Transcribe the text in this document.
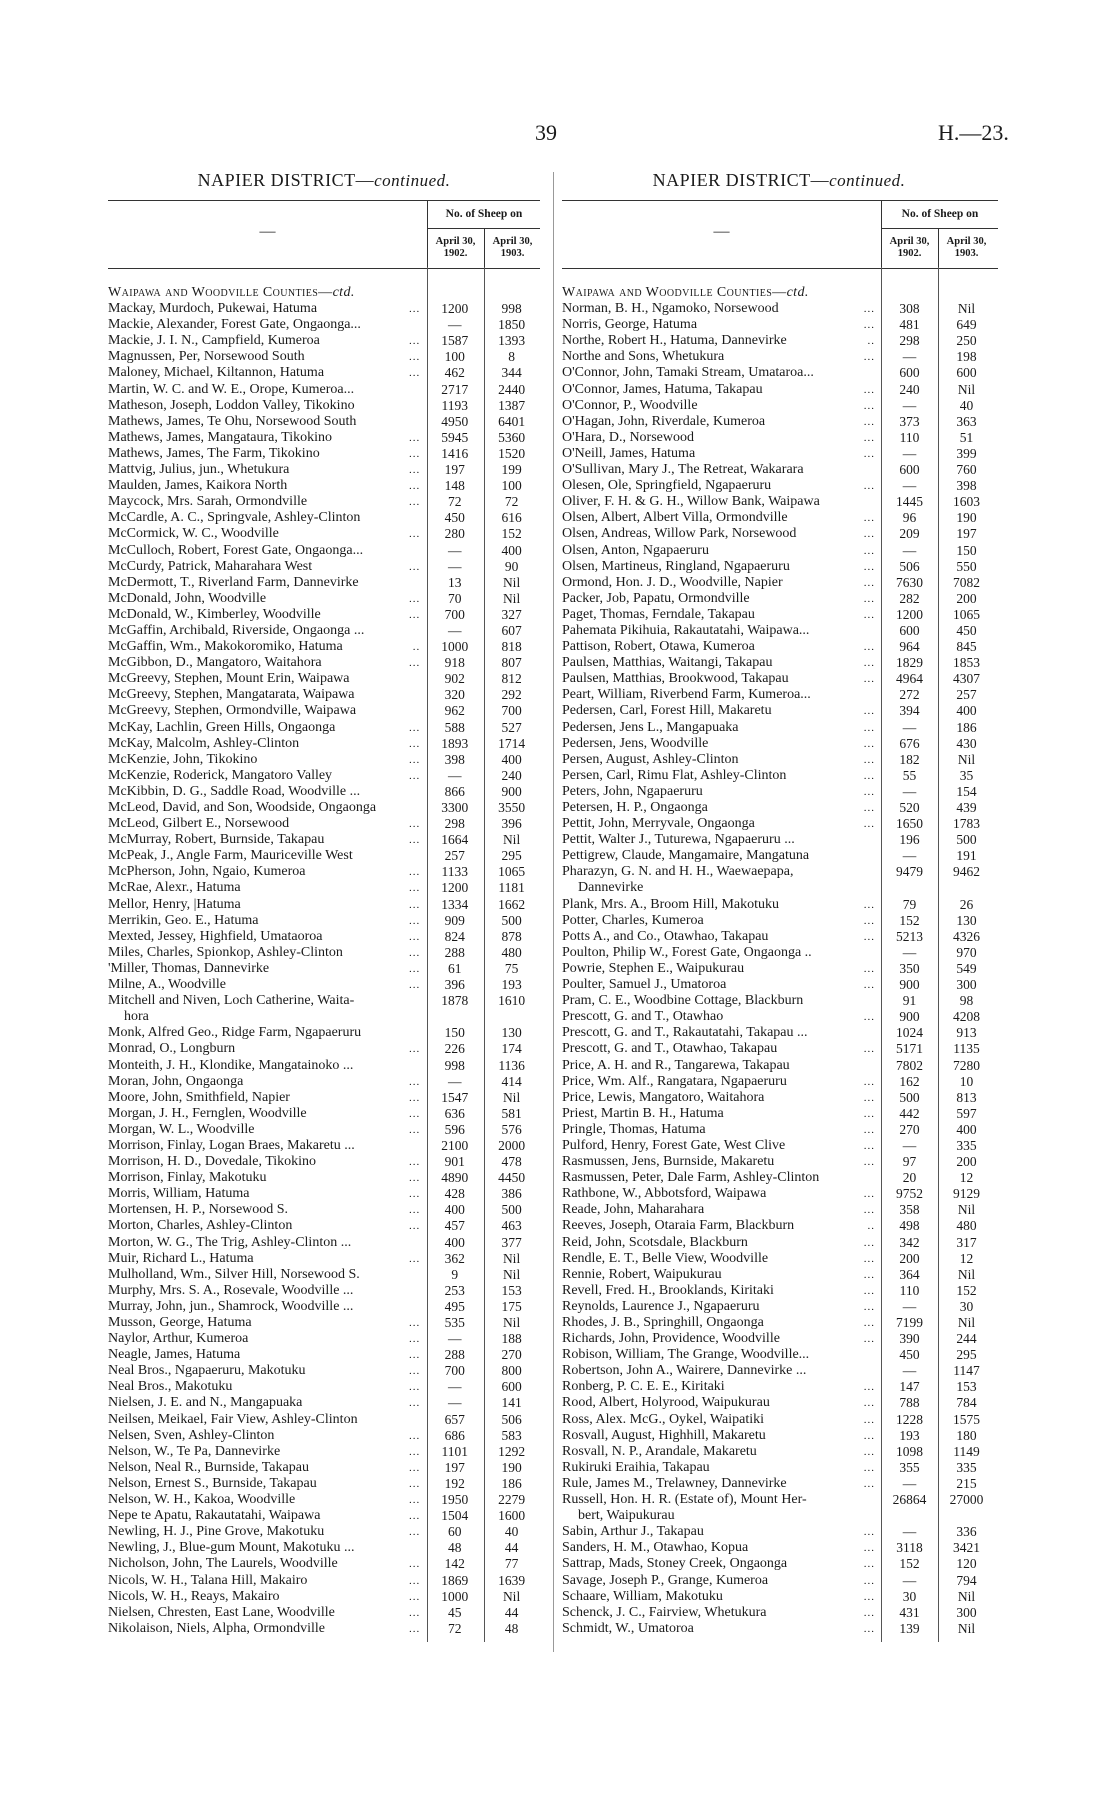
39	H.—23.
NAPIER DISTRICT—continued.	NAPIER DISTRICT—continued.
—
No. of Sheep on
April 30, 1902.
April 30, 1903.
Waipawa and Woodville Counties—ctd.
Mackay, Murdoch, Pukewai, Hatuma	...	1200	998
Mackie, Alexander, Forest Gate, Ongaonga...	—	1850
Mackie, J. I. N., Campfield, Kumeroa	...	1587	1393
Magnussen, Per, Norsewood South	...	100	8
Maloney, Michael, Kiltannon, Hatuma	...	462	344
Martin, W. C. and W. E., Orope, Kumeroa...	2717	2440
Matheson, Joseph, Loddon Valley, Tikokino	1193	1387
Mathews, James, Te Ohu, Norsewood South	4950	6401
Mathews, James, Mangataura, Tikokino	...	5945	5360
Mathews, James, The Farm, Tikokino	...	1416	1520
Mattvig, Julius, jun., Whetukura	...	197	199
Maulden, James, Kaikora North	...	148	100
Maycock, Mrs. Sarah, Ormondville	...	72	72
McCardle, A. C., Springvale, Ashley-Clinton	450	616
McCormick, W. C., Woodville	...	280	152
McCulloch, Robert, Forest Gate, Ongaonga...	—	400
McCurdy, Patrick, Maharahara West	...	—	90
McDermott, T., Riverland Farm, Dannevirke	13	Nil
McDonald, John, Woodville	...	70	Nil
McDonald, W., Kimberley, Woodville	...	700	327
McGaffin, Archibald, Riverside, Ongaonga ...	—	607
McGaffin, Wm., Makokoromiko, Hatuma	..	1000	818
McGibbon, D., Mangatoro, Waitahora	...	918	807
McGreevy, Stephen, Mount Erin, Waipawa	902	812
McGreevy, Stephen, Mangatarata, Waipawa	320	292
McGreevy, Stephen, Ormondville, Waipawa	962	700
McKay, Lachlin, Green Hills, Ongaonga	...	588	527
McKay, Malcolm, Ashley-Clinton	...	1893	1714
McKenzie, John, Tikokino	...	398	400
McKenzie, Roderick, Mangatoro Valley	...	—	240
McKibbin, D. G., Saddle Road, Woodville ...	866	900
McLeod, David, and Son, Woodside, Ongaonga	3300	3550
McLeod, Gilbert E., Norsewood	...	298	396
McMurray, Robert, Burnside, Takapau	...	1664	Nil
McPeak, J., Angle Farm, Mauriceville West	257	295
McPherson, John, Ngaio, Kumeroa	...	1133	1065
McRae, Alexr., Hatuma	...	1200	1181
Mellor, Henry, |Hatuma	...	1334	1662
Merrikin, Geo. E., Hatuma	...	909	500
Mexted, Jessey, Highfield, Umataoroa	...	824	878
Miles, Charles, Spionkop, Ashley-Clinton	...	288	480
'Miller, Thomas, Dannevirke	...	61	75
Milne, A., Woodville	...	396	193
Mitchell and Niven, Loch Catherine, Waita-	1878	1610
hora
Monk, Alfred Geo., Ridge Farm, Ngapaeruru	150	130
Monrad, O., Longburn	...	226	174
Monteith, J. H., Klondike, Mangatainoko ...	998	1136
Moran, John, Ongaonga	...	—	414
Moore, John, Smithfield, Napier	...	1547	Nil
Morgan, J. H., Fernglen, Woodville	...	636	581
Morgan, W. L., Woodville	...	596	576
Morrison, Finlay, Logan Braes, Makaretu ...	2100	2000
Morrison, H. D., Dovedale, Tikokino	...	901	478
Morrison, Finlay, Makotuku	...	4890	4450
Morris, William, Hatuma	...	428	386
Mortensen, H. P., Norsewood S.	...	400	500
Morton, Charles, Ashley-Clinton	...	457	463
Morton, W. G., The Trig, Ashley-Clinton ...	400	377
Muir, Richard L., Hatuma	...	362	Nil
Mulholland, Wm., Silver Hill, Norsewood S.	9	Nil
Murphy, Mrs. S. A., Rosevale, Woodville ...	253	153
Murray, John, jun., Shamrock, Woodville ...	495	175
Musson, George, Hatuma	...	535	Nil
Naylor, Arthur, Kumeroa	...	—	188
Neagle, James, Hatuma	...	288	270
Neal Bros., Ngapaeruru, Makotuku	...	700	800
Neal Bros., Makotuku	...	—	600
Nielsen, J. E. and N., Mangapuaka	...	—	141
Neilsen, Meikael, Fair View, Ashley-Clinton	657	506
Nelsen, Sven, Ashley-Clinton	...	686	583
Nelson, W., Te Pa, Dannevirke	...	1101	1292
Nelson, Neal R., Burnside, Takapau	...	197	190
Nelson, Ernest S., Burnside, Takapau	...	192	186
Nelson, W. H., Kakoa, Woodville	...	1950	2279
Nepe te Apatu, Rakautatahi, Waipawa	...	1504	1600
Newling, H. J., Pine Grove, Makotuku	...	60	40
Newling, J., Blue-gum Mount, Makotuku ...	48	44
Nicholson, John, The Laurels, Woodville	...	142	77
Nicols, W. H., Talana Hill, Makairo	...	1869	1639
Nicols, W. H., Reays, Makairo	...	1000	Nil
Nielsen, Chresten, East Lane, Woodville	...	45	44
Nikolaison, Niels, Alpha, Ormondville	...	72	48
—
No. of Sheep on
April 30, 1902.
April 30, 1903.
Waipawa and Woodville Counties—ctd.
Norman, B. H., Ngamoko, Norsewood	...	308	Nil
Norris, George, Hatuma	...	481	649
Northe, Robert H., Hatuma, Dannevirke	..	298	250
Northe and Sons, Whetukura	...	—	198
O'Connor, John, Tamaki Stream, Umataroa...	600	600
O'Connor, James, Hatuma, Takapau	...	240	Nil
O'Connor, P., Woodville	...	—	40
O'Hagan, John, Riverdale, Kumeroa	...	373	363
O'Hara, D., Norsewood	...	110	51
O'Neill, James, Hatuma	...	—	399
O'Sullivan, Mary J., The Retreat, Wakarara	600	760
Olesen, Ole, Springfield, Ngapaeruru	...	—	398
Oliver, F. H. & G. H., Willow Bank, Waipawa	1445	1603
Olsen, Albert, Albert Villa, Ormondville	...	96	190
Olsen, Andreas, Willow Park, Norsewood	...	209	197
Olsen, Anton, Ngapaeruru	...	—	150
Olsen, Martineus, Ringland, Ngapaeruru	...	506	550
Ormond, Hon. J. D., Woodville, Napier	...	7630	7082
Packer, Job, Papatu, Ormondville	...	282	200
Paget, Thomas, Ferndale, Takapau	...	1200	1065
Pahemata Pikihuia, Rakautatahi, Waipawa...	600	450
Pattison, Robert, Otawa, Kumeroa	...	964	845
Paulsen, Matthias, Waitangi, Takapau	...	1829	1853
Paulsen, Matthias, Brookwood, Takapau	...	4964	4307
Peart, William, Riverbend Farm, Kumeroa...	272	257
Pedersen, Carl, Forest Hill, Makaretu	...	394	400
Pedersen, Jens L., Mangapuaka	...	—	186
Pedersen, Jens, Woodville	...	676	430
Persen, August, Ashley-Clinton	...	182	Nil
Persen, Carl, Rimu Flat, Ashley-Clinton	...	55	35
Peters, John, Ngapaeruru	...	—	154
Petersen, H. P., Ongaonga	...	520	439
Pettit, John, Merryvale, Ongaonga	...	1650	1783
Pettit, Walter J., Tuturewa, Ngapaeruru ...	196	500
Pettigrew, Claude, Mangamaire, Mangatuna	—	191
Pharazyn, G. N. and H. H., Waewaepapa,	9479	9462
Dannevirke
Plank, Mrs. A., Broom Hill, Makotuku	...	79	26
Potter, Charles, Kumeroa	...	152	130
Potts A., and Co., Otawhao, Takapau	...	5213	4326
Poulton, Philip W., Forest Gate, Ongaonga ..	—	970
Powrie, Stephen E., Waipukurau	...	350	549
Poulter, Samuel J., Umatoroa	...	900	300
Pram, C. E., Woodbine Cottage, Blackburn	91	98
Prescott, G. and T., Otawhao	...	900	4208
Prescott, G. and T., Rakautatahi, Takapau ...	1024	913
Prescott, G. and T., Otawhao, Takapau	...	5171	1135
Price, A. H. and R., Tangarewa, Takapau	7802	7280
Price, Wm. Alf., Rangatara, Ngapaeruru	...	162	10
Price, Lewis, Mangatoro, Waitahora	...	500	813
Priest, Martin B. H., Hatuma	...	442	597
Pringle, Thomas, Hatuma	...	270	400
Pulford, Henry, Forest Gate, West Clive	...	—	335
Rasmussen, Jens, Burnside, Makaretu	...	97	200
Rasmussen, Peter, Dale Farm, Ashley-Clinton	20	12
Rathbone, W., Abbotsford, Waipawa	...	9752	9129
Reade, John, Maharahara	...	358	Nil
Reeves, Joseph, Otaraia Farm, Blackburn	..	498	480
Reid, John, Scotsdale, Blackburn	...	342	317
Rendle, E. T., Belle View, Woodville	...	200	12
Rennie, Robert, Waipukurau	...	364	Nil
Revell, Fred. H., Brooklands, Kiritaki	...	110	152
Reynolds, Laurence J., Ngapaeruru	...	—	30
Rhodes, J. B., Springhill, Ongaonga	...	7199	Nil
Richards, John, Providence, Woodville	...	390	244
Robison, William, The Grange, Woodville...	450	295
Robertson, John A., Wairere, Dannevirke ...	—	1147
Ronberg, P. C. E. E., Kiritaki	...	147	153
Rood, Albert, Holyrood, Waipukurau	...	788	784
Ross, Alex. McG., Oykel, Waipatiki	...	1228	1575
Rosvall, August, Highhill, Makaretu	...	193	180
Rosvall, N. P., Arandale, Makaretu	...	1098	1149
Rukiruki Eraihia, Takapau	...	355	335
Rule, James M., Trelawney, Dannevirke	...	—	215
Russell, Hon. H. R. (Estate of), Mount Her-	26864	27000
bert, Waipukurau
Sabin, Arthur J., Takapau	...	—	336
Sanders, H. M., Otawhao, Kopua	...	3118	3421
Sattrap, Mads, Stoney Creek, Ongaonga	...	152	120
Savage, Joseph P., Grange, Kumeroa	...	—	794
Schaare, William, Makotuku	...	30	Nil
Schenck, J. C., Fairview, Whetukura	...	431	300
Schmidt, W., Umatoroa	...	139	Nil
